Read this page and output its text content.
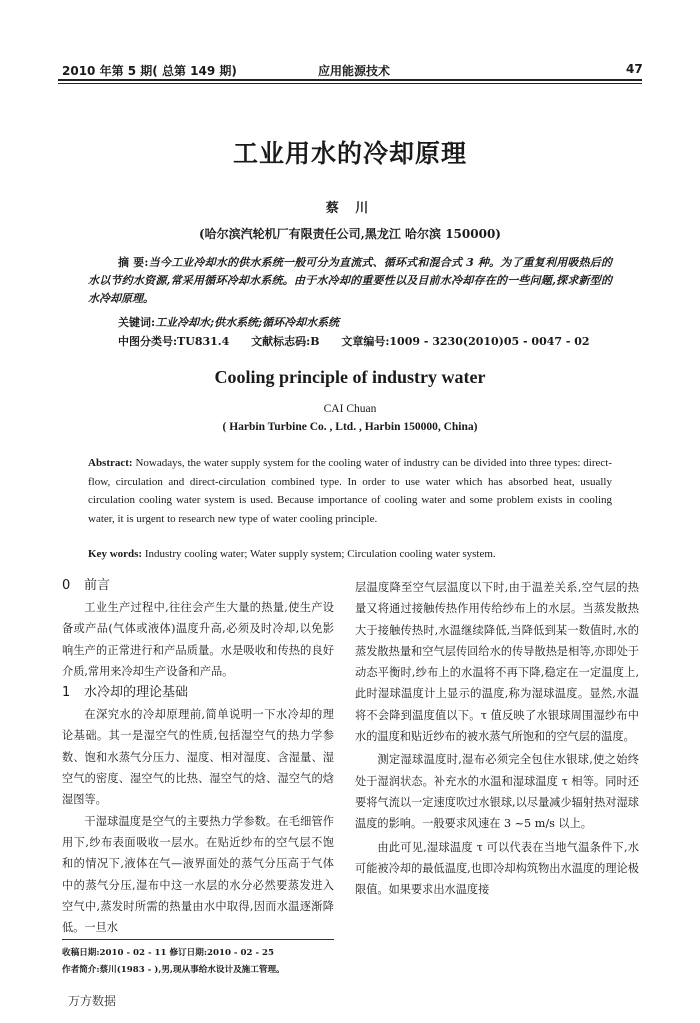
2010 年第 5 期( 总第 149 期)	应用能源技术	47
工业用水的冷却原理
蔡 川
(哈尔滨汽轮机厂有限责任公司,黑龙江 哈尔滨 150000)
摘 要:当今工业冷却水的供水系统一般可分为直流式、循环式和混合式 3 种。为了重复利用吸热后的水以节约水资源,常采用循环冷却水系统。由于水冷却的重要性以及目前水冷却存在的一些问题,探求新型的水冷却原理。
关键词:工业冷却水;供水系统;循环冷却水系统
中图分类号:TU831.4 文献标志码:B 文章编号:1009 - 3230(2010)05 - 0047 - 02
Cooling principle of industry water
CAI Chuan
( Harbin Turbine Co. , Ltd. , Harbin 150000, China)
Abstract: Nowadays, the water supply system for the cooling water of industry can be divided into three types: direct-flow, circulation and direct-circulation combined type. In order to use water which has absorbed heat, usually circulation cooling water system is used. Because importance of cooling water and some problem exists in cooling water, it is urgent to research new type of water cooling principle.
Key words: Industry cooling water; Water supply system; Circulation cooling water system.
0 前言

工业生产过程中,往往会产生大量的热量,使生产设备或产品(气体或液体)温度升高,必须及时冷却,以免影响生产的正常进行和产品质量。水是吸收和传热的良好介质,常用来冷却生产设备和产品。

1 水冷却的理论基础

在深究水的冷却原理前,简单说明一下水冷却的理论基础。其一是湿空气的性质,包括湿空气的热力学参数、饱和水蒸气分压力、湿度、相对湿度、含湿量、湿空气的密度、湿空气的比热、湿空气的焓、湿空气的焓湿图等。

干湿球温度是空气的主要热力学参数。在毛细管作用下,纱布表面吸收一层水。在贴近纱布的空气层不饱和的情况下,液体在气—液界面处的蒸气分压高于气体中的蒸气分压,湿布中这一水层的水分必然要蒸发进入空气中,蒸发时所需的热量由水中取得,因而水温逐渐降低。一旦水

层温度降至空气层温度以下时,由于温差关系,空气层的热量又将通过接触传热作用传给纱布上的水层。当蒸发散热大于接触传热时,水温继续降低,当降低到某一数值时,水的蒸发散热量和空气层传回给水的传导散热是相等,亦即处于动态平衡时,纱布上的水温将不再下降,稳定在一定温度上,此时湿球温度计上显示的温度,称为湿球温度。显然,水温将不会降到温度值以下。τ 值反映了水银球周围湿纱布中水的温度和贴近纱布的被水蒸气所饱和的空气层的温度。

测定湿球温度时,湿布必须完全包住水银球,使之始终处于湿润状态。补充水的水温和湿球温度 τ 相等。同时还要将气流以一定速度吹过水银球,以尽量减少辐射热对湿球温度的影响。一般要求风速在 3 ~5 m/s 以上。

由此可见,湿球温度 τ 可以代表在当地气温条件下,水可能被冷却的最低温度,也即冷却构筑物出水温度的理论极限值。如果要求出水温度接

收稿日期:2010 - 02 - 11 修订日期:2010 - 02 - 25
作者简介:蔡川(1983 - ),男,现从事给水设计及施工管理。
万方数据
